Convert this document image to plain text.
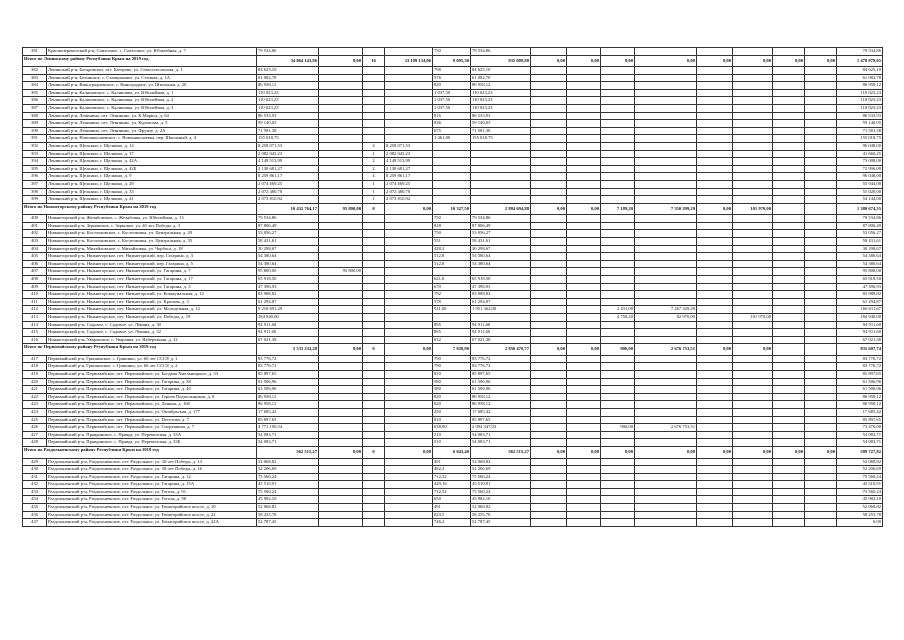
381	Красноперекопский р-н, Совхозное, с. Совхозное, ул. Юбилейная, д. 7	79 534,86				750	79 534,86									79 534,86
Итого по Ленинскому району Республики Крым на 2019 год		34 064 143,86	0,00	16	33 109 134,06	9 095,30	935 009,80	0,00	0,00	0,00	0,00	0,00	0,00	0,00	0,00	1 478 978,05
382	Ленинский р-н, Батаровское, пгт. Багерово, ул. Севастопольская, д. 1	84 625,10				798	84 625,10									84 625,10
383	Ленинский р-н, Белинское, с. Станционное, ул. Степная, д. 1А	61 082,78				576	61 082,78									61 082,78
384	Ленинский р-н, Виноградненское, с. Виноградное, ул. Школьная, д. 20	86 958,12				820	86 958,12									86 958,12
385	Ленинский р-н, Калиновское, с. Калиновка, ул. Юбилейная, д. 1	110 023,23				1 037,50	110 023,23									110 023,23
386	Ленинский р-н, Калиновское, с. Калиновка, ул. Юбилейная, д. 2	110 023,23				1 037,50	110 023,23									110 023,23
387	Ленинский р-н, Калиновское, с. Калиновка, ул. Юбилейная, д. 3	110 023,23				1 037,50	110 023,23									110 023,23
388	Ленинский р-н, Ленинино, пгт. Ленинино, ул. К.Маркса, д. 64	86 533,93				816	86 533,93									86 533,93
389	Ленинский р-н, Ленинино, пгт. Ленинино, ул. Курчатова, д. 5	59 140,05				836	59 140,05									59 140,05
390	Ленинский р-н, Ленинино, пгт. Ленинино, ул. Фрунзе, д. 2А	71 581,38				675	71 581,38									71 581,38
391	Ленинский р-н, Новониколаевское, с. Новониколаевка, пер. Школьный, д. 4	155 018,75				1 461,80	155 018,75									155 018,75
392	Ленинский р-н, Щелкино, г. Щелкино, д. 14	8 258 071,53		4	8 258 071,53											96 048,00
393	Ленинский р-н, Щелкино, г. Щелкино, д. 37	2 082 045,23		1	2 082 045,23											41 660,25
394	Ленинский р-н, Щелкино, г. Щелкино, д. 42А	4 149 513,99		2	4 149 513,99											73 008,00
395	Ленинский р-н, Щелкино, г. Щелкино, д. 42Б	4 138 681,27		2	4 138 681,27											72 996,00
396	Ленинский р-н, Щелкино, г. Щелкино, д. 9	8 259 861,17		4	8 259 861,17											96 048,00
397	Ленинский р-н, Щелкино, г. Щелкино, д. 28	2 074 669,25		1	2 074 669,25											55 944,00
398	Ленинский р-н, Щелкино, г. Щелкино, д. 33	2 072 480,70		1	2 072 480,70											55 020,00
399	Ленинский р-н, Щелкино, г. Щелкино, д. 41	2 073 810,92		1	2 073 810,92											54 144,00
Итого по Нижнегорскому району Республики Крым на 2019 год		10 432 764,17	95 800,00	0	0,00	10 327,50	2 884 694,88	0,00	0,00	7 189,20	7 350 299,29	0,00	101 970,00			1 380 674,55
400	Нижнегорский р-н, Желябовское, с. Желябовка, ул. Юбилейная, д. 13	79 534,86				750	79 534,86									79 534,86
401	Нижнегорский р-н, Зерновское, с. Зерновое, ул. 40 лет Победы, д. 3	87 806,49				828	87 806,49									87 806,49
402	Нижнегорский р-н, Косточковское, с. Косточковка, ул. Центральная, д. 29	53 056,27				750	53 056,27									53 056,27
403	Нижнегорский р-н, Косточковское, с. Косточковка, ул. Центральная, д. 35	58 431,61				551	58 431,61									58 431,61
404	Нижнегорский р-н, Михайловское, с. Михайловка, ул. Чорбаса, д. 18	30 298,67				428,3	30 298,67									30 298,67
405	Нижнегорский р-н, Нижнегорское, пгт. Нижнегорский, пер. Гагарина, д. 3	54 380,64				512,8	54 380,64									54 380,64
406	Нижнегорский р-н, Нижнегорское, пгт. Нижнегорский, пер. Гагарина, д. 5	54 380,64				512,8	54 380,64									54 380,64
407	Нижнегорский р-н, Нижнегорское, пгт. Нижнегорский, ул. Гагарина, д. 7	95 800,00	95 800,00													95 800,00
408	Нижнегорский р-н, Нижнегорское, пгт. Нижнегорский, ул. Гагарина, д. 17	65 918,50				621,6	65 918,50									65 918,50
409	Нижнегорский р-н, Нижнегорское, пгт. Нижнегорский, ул. Гагарина, д. 3	47 396,93				670	47 396,93									47 396,93
410	Нижнегорский р-н, Нижнегорское, пгт. Нижнегорский, ул. Коммунальная, д. 12	83 988,82				792	83 988,82									83 988,82
411	Нижнегорский р-н, Нижнегорское, пгт. Нижнегорский, ул. Красная, д. 3	61 294,87				578	61 294,87									61 294,87
412	Нижнегорский р-н, Нижнегорское, пгт. Нижнегорский, ул. Молодежная, д. 12	9 218 691,29				911,00	1 951 362,00			2 431,00	7 267 329,29					166 611,67
413	Нижнегорский р-н, Нижнегорское, пгт. Нижнегорский, ул. Победы, д. 18	184 940,00								4 758,20	82 970,00		101 970,00			184 940,00
414	Нижнегорский р-н, Садовое, с. Садовое, ул. Ленина, д. 30	94 911,60				895	94 911,60									94 911,60
415	Нижнегорский р-н, Садовое, с. Садовое, ул. Ленина, д. 32	94 911,60				895	94 911,60									94 911,60
416	Нижнегорский р-н, Уваровское, с. Уваровка, ул. Набережная, д. 12	67 021,38				632	67 021,38									67 021,38
Итого по Первомайскому району Республики Крым на 2019 год		5 533 232,28	0,00	0	0,00	7 928,90	2 856 478,77	0,00	0,00	906,00	2 676 753,51	0,00	0,00			835 607,74
417	Первомайский р-н, Гришинское, с. Гришино, ул. 60 лет СССР, д. 1	83 776,72				790	83 776,72									83 776,72
418	Первомайский р-н, Гришинское, с. Гришино, ул. 60 лет СССР, д. 2	83 776,72				790	83 776,72									83 776,72
419	Первомайский р-н, Первомайское, пгт. Первомайское, ул. Богдана Хмельницкого, д. 33	85 897,65				810	85 897,65									85 897,65
420	Первомайский р-н, Первомайское, пгт. Первомайское, ул. Гагарина, д. 38	61 506,96				580	61 506,96									61 506,96
421	Первомайский р-н, Первомайское, пгт. Первомайское, ул. Гагарина, д. 40	61 506,96				580	61 506,96									61 506,96
422	Первомайский р-н, Первомайское, пгт. Первомайское, ул. Героев Подпольщиков, д. 8	86 958,12				820	86 958,12									86 958,12
423	Первомайский р-н, Первомайское, пгт. Первомайское, ул. Ленина, д. 168	86 958,12				820	86 958,12									86 958,12
424	Первомайский р-н, Первомайское, пгт. Первомайское, ул. Октябрьская, д. 177	17 685,42				250	17 685,42									17 685,42
425	Первомайский р-н, Первомайское, пгт. Первомайское, ул. Петухова, д. 7	85 897,65				810	85 897,65									85 897,65
426	Первомайский р-н, Первомайское, пгт. Первомайское, ул. Спортивная, д. 7	4 771 100,54				638,90	2 094 347,03			906,00	2 676 753,51					73 476,00
427	Первомайский р-н, Правдинское, с. Правда, ул. Перекопская, д. 33А	54 083,71				510	54 083,71									54 083,71
428	Первомайский р-н, Правдинское, с. Правда, ул. Перекопская, д. 33Б	54 083,71				510	54 083,71									54 083,71
Итого по Раздольненскому району Республики Крым на 2019 год		562 515,27	0,00	0	0,00	6 043,40	562 515,27	0,00	0,00	0,00	0,00	0,00	0,00	0,00	0,00	509 727,82
429	Раздольненский р-н, Раздольненское, пгт. Раздольное, ул. 30-лет Победы, д. 13	52 068,82				491	52 068,82									52 068,82
430	Раздольненский р-н, Раздольненское, пгт. Раздольное, ул. 30-лет Победы, д. 16	52 206,69				492,3	52 206,69									52 206,69
431	Раздольненский р-н, Раздольненское, пгт. Раздольное, ул. Гагарина, д. 12	75 560,24				712,52	75 560,24									75 560,24
432	Раздольненский р-н, Раздольненское, пгт. Раздольное, ул. Гагарина, д. 15А	45 510,91				429,16	45 510,91									45 510,91
433	Раздольненский р-н, Раздольненское, пгт. Раздольное, ул. Гоголя, д. 91	75 560,24				712,52	75 560,24									75 560,24
434	Раздольненский р-н, Раздольненское, пгт. Раздольное, ул. Гоголя, д. 98	45 982,10				650	45 982,10									45 982,10
435	Раздольненский р-н, Раздольненское, пгт. Раздольное, ул. Евпаторийское шоссе, д. 10	52 068,82				491	52 068,82									52 068,82
436	Раздольненский р-н, Раздольненское, пгт. Раздольное, ул. Евпаторийское шоссе, д. 22	58 255,78				823,5	58 255,78									58 255,78
437	Раздольненский р-н, Раздольненское, пгт. Раздольное, ул. Евпаторийское шоссе, д. 22А	52 787,45				746,2	52 787,45									0,00
